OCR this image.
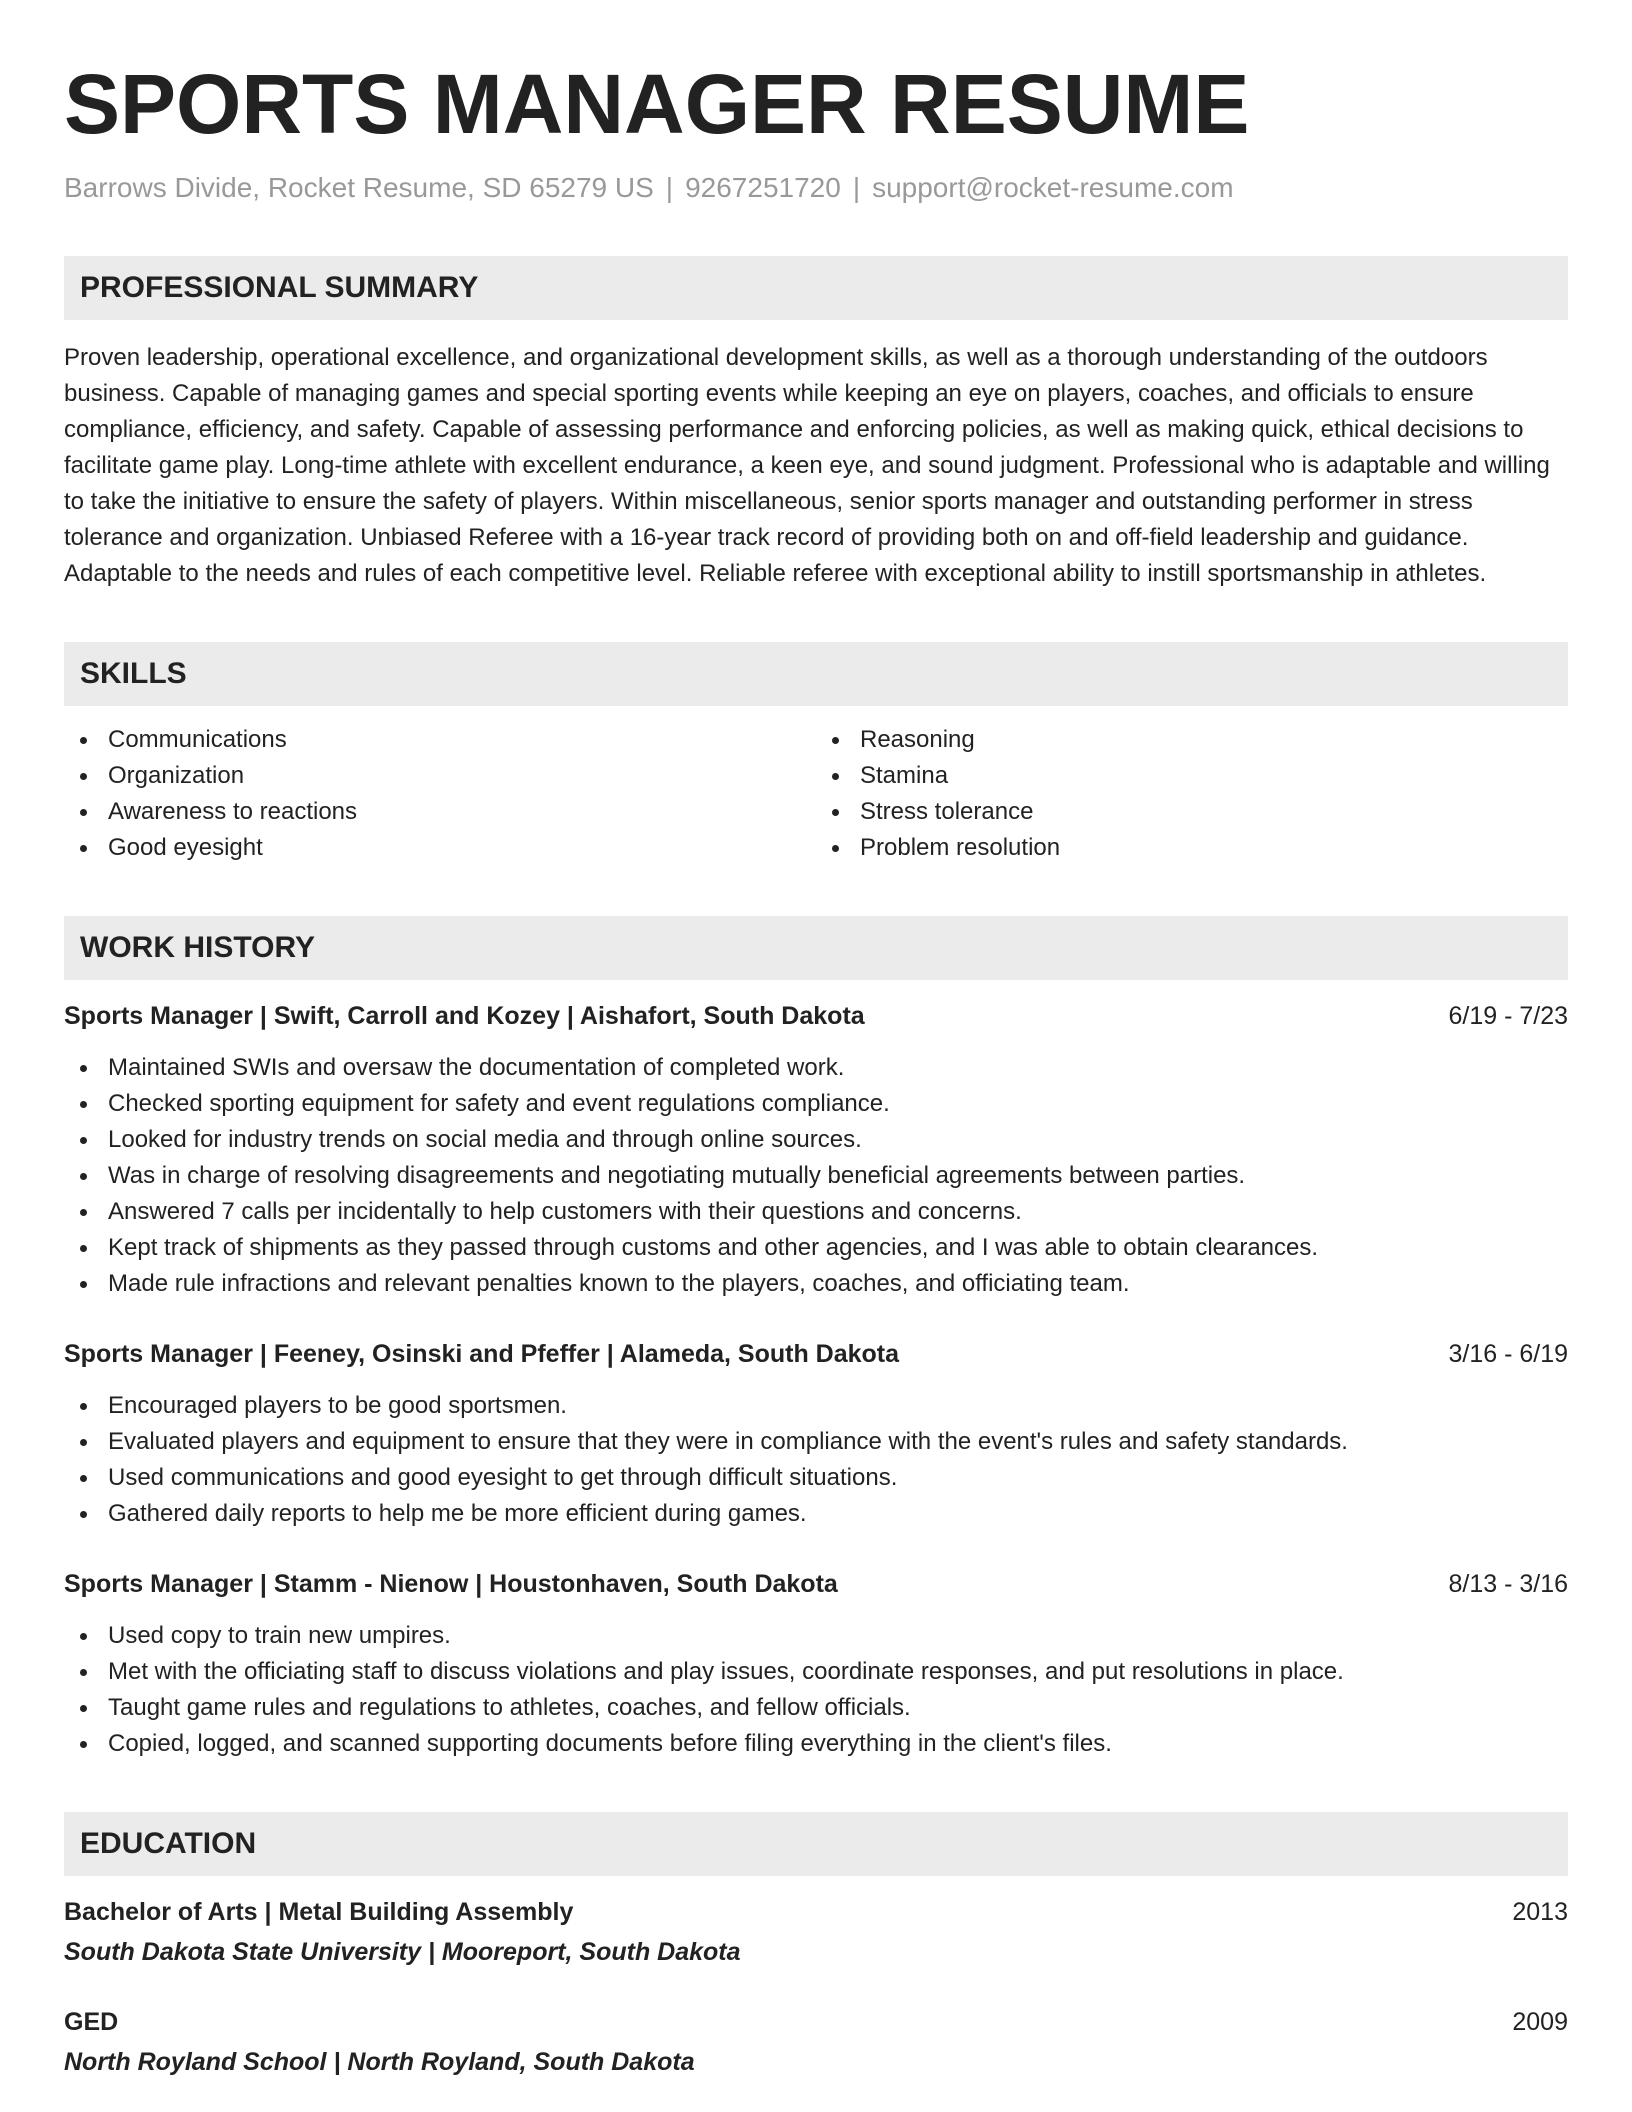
SPORTS MANAGER RESUME
Barrows Divide, Rocket Resume, SD 65279 US | 9267251720 | support@rocket-resume.com
PROFESSIONAL SUMMARY

Proven leadership, operational excellence, and organizational development skills, as well as a thorough understanding of the outdoors business. Capable of managing games and special sporting events while keeping an eye on players, coaches, and officials to ensure compliance, efficiency, and safety. Capable of assessing performance and enforcing policies, as well as making quick, ethical decisions to facilitate game play. Long-time athlete with excellent endurance, a keen eye, and sound judgment. Professional who is adaptable and willing to take the initiative to ensure the safety of players. Within miscellaneous, senior sports manager and outstanding performer in stress tolerance and organization. Unbiased Referee with a 16-year track record of providing both on and off-field leadership and guidance. Adaptable to the needs and rules of each competitive level. Reliable referee with exceptional ability to instill sportsmanship in athletes.

SKILLS
Communications
Organization
Awareness to reactions
Good eyesight
Reasoning
Stamina
Stress tolerance
Problem resolution
WORK HISTORY
Sports Manager | Swift, Carroll and Kozey | Aishafort, South Dakota	6/19 - 7/23
Maintained SWIs and oversaw the documentation of completed work.
Checked sporting equipment for safety and event regulations compliance.
Looked for industry trends on social media and through online sources.
Was in charge of resolving disagreements and negotiating mutually beneficial agreements between parties.
Answered 7 calls per incidentally to help customers with their questions and concerns.
Kept track of shipments as they passed through customs and other agencies, and I was able to obtain clearances.
Made rule infractions and relevant penalties known to the players, coaches, and officiating team.
Sports Manager | Feeney, Osinski and Pfeffer | Alameda, South Dakota	3/16 - 6/19
Encouraged players to be good sportsmen.
Evaluated players and equipment to ensure that they were in compliance with the event's rules and safety standards.
Used communications and good eyesight to get through difficult situations.
Gathered daily reports to help me be more efficient during games.
Sports Manager | Stamm - Nienow | Houstonhaven, South Dakota	8/13 - 3/16
Used copy to train new umpires.
Met with the officiating staff to discuss violations and play issues, coordinate responses, and put resolutions in place.
Taught game rules and regulations to athletes, coaches, and fellow officials.
Copied, logged, and scanned supporting documents before filing everything in the client's files.
EDUCATION
Bachelor of Arts | Metal Building Assembly	2013
South Dakota State University | Mooreport, South Dakota
GED	2009
North Royland School | North Royland, South Dakota
